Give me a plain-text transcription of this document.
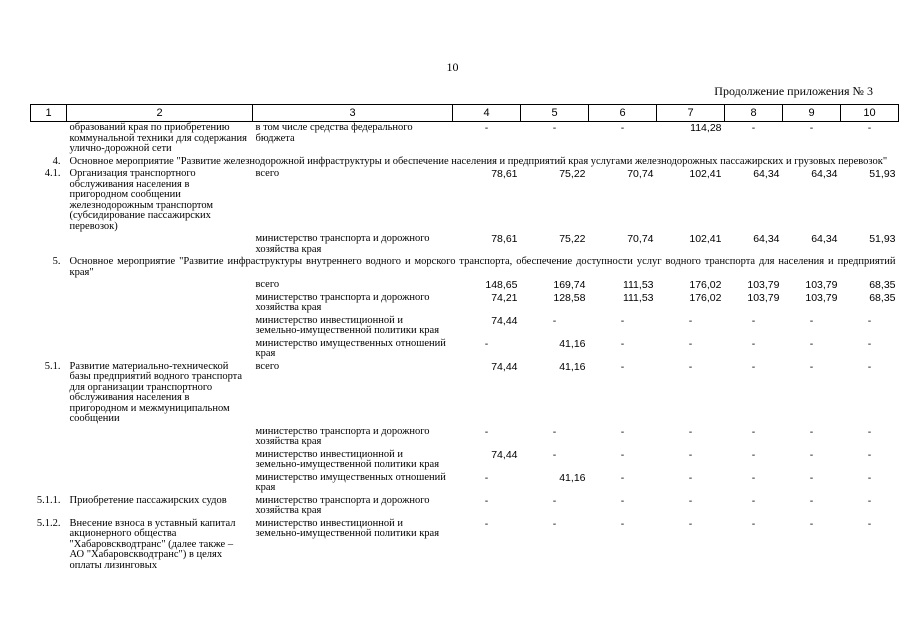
10
Продолжение приложения № 3
1	2	3	4	5	6	7	8	9	10
	образований края по приобретению коммунальной техники для содержания улично-дорожной сети	в том числе средства федерального бюджета	-	-	-	114,28	-	-	-
4.	Основное мероприятие "Развитие железнодорожной инфраструктуры и обеспечение населения и предприятий края услугами железнодорожных пассажирских и грузовых перевозок"								
4.1.	Организация транспортного обслуживания населения в пригородном сообщении железнодорожным транспортом (субсидирование пассажирских перевозок)	всего	78,61	75,22	70,74	102,41	64,34	64,34	51,93
		министерство транспорта и дорожного хозяйства края	78,61	75,22	70,74	102,41	64,34	64,34	51,93
5.	Основное мероприятие "Развитие инфраструктуры внутреннего водного и морского транспорта, обеспечение доступности услуг водного транспорта для населения и предприятий края"								
		всего	148,65	169,74	111,53	176,02	103,79	103,79	68,35
		министерство транспорта и дорожного хозяйства края	74,21	128,58	111,53	176,02	103,79	103,79	68,35
		министерство инвестиционной и земельно-имущественной политики края	74,44	-	-	-	-	-	-
		министерство имущественных отношений края	-	41,16	-	-	-	-	-
5.1.	Развитие материально-технической базы предприятий водного транспорта для организации транспортного обслуживания населения в пригородном и межмуниципальном сообщении	всего	74,44	41,16	-	-	-	-	-
		министерство транспорта и дорожного хозяйства края	-	-	-	-	-	-	-
		министерство инвестиционной и земельно-имущественной политики края	74,44	-	-	-	-	-	-
		министерство имущественных отношений края	-	41,16	-	-	-	-	-
5.1.1.	Приобретение пассажирских судов	министерство транспорта и дорожного хозяйства края	-	-	-	-	-	-	-
5.1.2.	Внесение взноса в уставный капитал акционерного общества "Хабаровскводтранс" (далее также – АО "Хабаровскводтранс") в целях оплаты лизинговых	министерство инвестиционной и земельно-имущественной политики края	-	-	-	-	-	-	-
